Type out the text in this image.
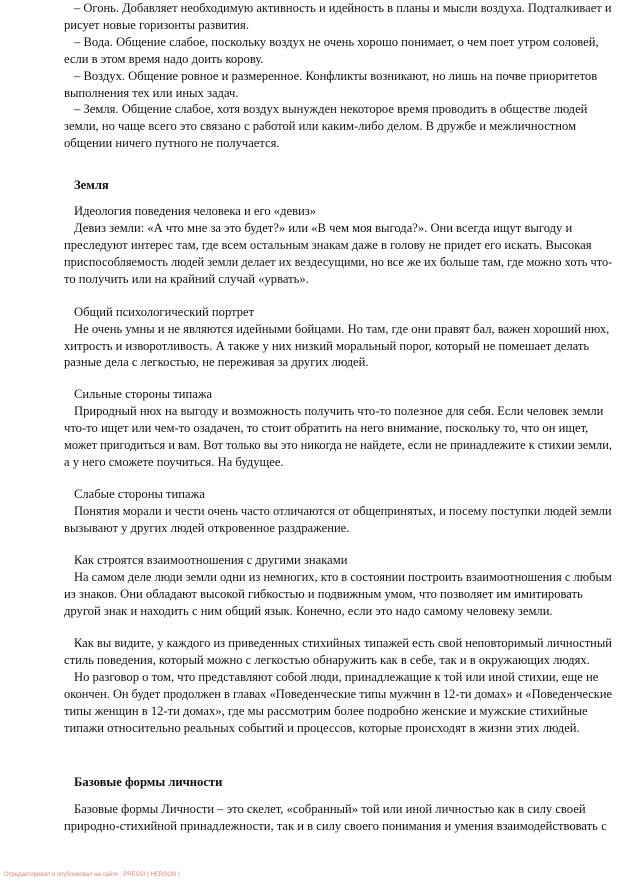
– Огонь. Добавляет необходимую активность и идейность в планы и мысли воздуха. Подталкивает и
рисует новые горизонты развития.
– Вода. Общение слабое, поскольку воздух не очень хорошо понимает, о чем поет утром соловей,
если в этом время надо доить корову.
– Воздух. Общение ровное и размеренное. Конфликты возникают, но лишь на почве приоритетов
выполнения тех или иных задач.
– Земля. Общение слабое, хотя воздух вынужден некоторое время проводить в обществе людей
земли, но чаще всего это связано с работой или каким-либо делом. В дружбе и межличностном
общении ничего путного не получается.
Земля
Идеология поведения человека и его «девиз»
Девиз земли: «А что мне за это будет?» или «В чем моя выгода?». Они всегда ищут выгоду и
преследуют интерес там, где всем остальным знакам даже в голову не придет его искать. Высокая
приспособляемость людей земли делает их вездесущими, но все же их больше там, где можно хоть что-
то получить или на крайний случай «урвать».
Общий психологический портрет
Не очень умны и не являются идейными бойцами. Но там, где они правят бал, важен хороший нюх,
хитрость и изворотливость. А также у них низкий моральный порог, который не помешает делать
разные дела с легкостью, не переживая за других людей.
Сильные стороны типажа
Природный нюх на выгоду и возможность получить что-то полезное для себя. Если человек земли
что-то ищет или чем-то озадачен, то стоит обратить на него внимание, поскольку то, что он ищет,
может пригодиться и вам. Вот только вы это никогда не найдете, если не принадлежите к стихии земли,
а у него сможете поучиться. На будущее.
Слабые стороны типажа
Понятия морали и чести очень часто отличаются от общепринятых, и посему поступки людей земли
вызывают у других людей откровенное раздражение.
Как строятся взаимоотношения с другими знаками
На самом деле люди земли одни из немногих, кто в состоянии построить взаимоотношения с любым
из знаков. Они обладают высокой гибкостью и подвижным умом, что позволяет им имитировать
другой знак и находить с ним общий язык. Конечно, если это надо самому человеку земли.
Как вы видите, у каждого из приведенных стихийных типажей есть свой неповторимый личностный
стиль поведения, который можно с легкостью обнаружить как в себе, так и в окружающих людях.
Но разговор о том, что представляют собой люди, принадлежащие к той или иной стихии, еще не
окончен. Он будет продолжен в главах «Поведенческие типы мужчин в 12-ти домах» и «Поведенческие
типы женщин в 12-ти домах», где мы рассмотрим более подробно женские и мужские стихийные
типажи относительно реальных событий и процессов, которые происходят в жизни этих людей.
Базовые формы личности
Базовые формы Личности – это скелет, «собранный» той или иной личностью как в силу своей
природно-стихийной принадлежности, так и в силу своего понимания и умения взаимодействовать с
Отредактировал и опубликовал на сайте : PRESSI ( HERSON )
